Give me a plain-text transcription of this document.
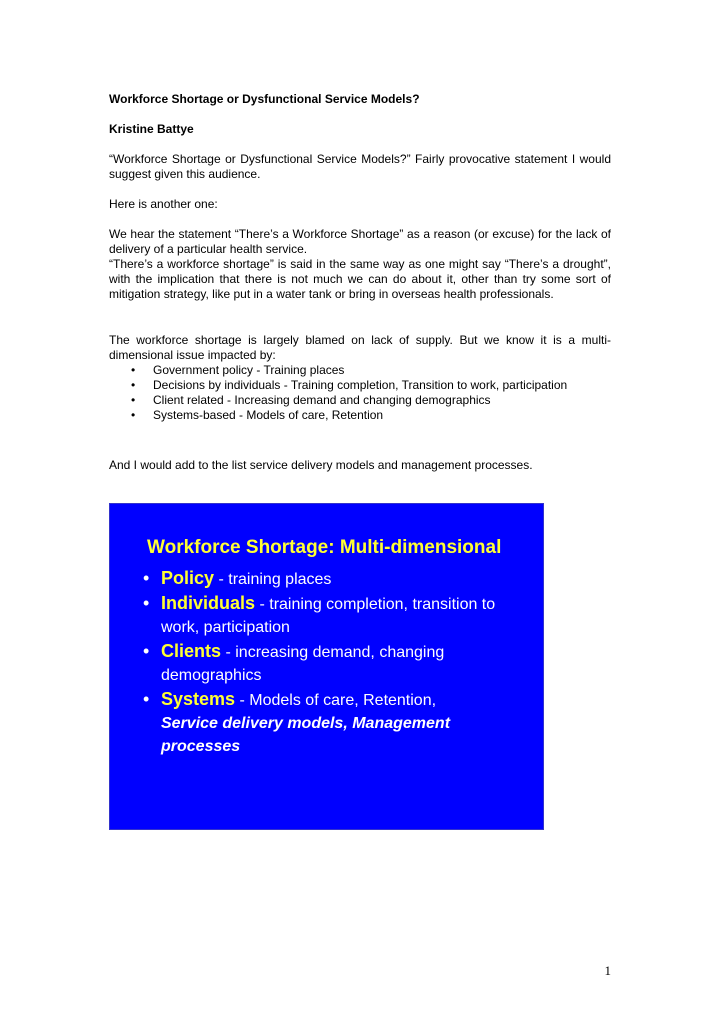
Workforce Shortage or Dysfunctional Service Models?

Kristine Battye

“Workforce Shortage or Dysfunctional Service Models?” Fairly provocative statement I would suggest given this audience.

Here is another one:

We hear the statement “There’s a Workforce Shortage” as a reason (or excuse) for the lack of delivery of a particular health service.

“There’s a workforce shortage” is said in the same way as one might say “There’s a drought”, with the implication that there is not much we can do about it, other than try some sort of mitigation strategy, like put in a water tank or bring in overseas health professionals.

The workforce shortage is largely blamed on lack of supply. But we know it is a multi-dimensional issue impacted by:

• Government policy - Training places
• Decisions by individuals - Training completion, Transition to work, participation
• Client related - Increasing demand and changing demographics
• Systems-based - Models of care, Retention

And I would add to the list service delivery models and management processes.

Workforce Shortage: Multi-dimensional
• Policy - training places
• Individuals - training completion, transition to work, participation
• Clients - increasing demand, changing demographics
• Systems - Models of care, Retention,
Service delivery models, Management processes
1
